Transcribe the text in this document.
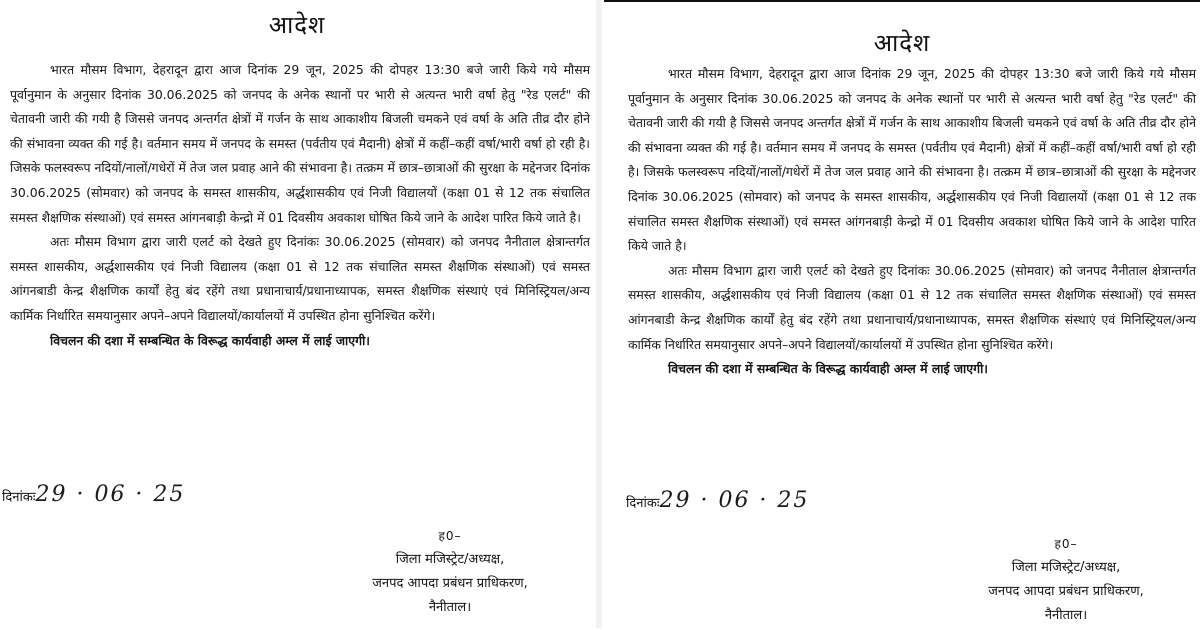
आदेश

भारत मौसम विभाग, देहरादून द्वारा आज दिनांक 29 जून, 2025 की दोपहर 13:30 बजे जारी किये गये मौसम पूर्वानुमान के अनुसार दिनांक 30.06.2025 को जनपद के अनेक स्थानों पर भारी से अत्यन्त भारी वर्षा हेतु "रेड एलर्ट" की चेतावनी जारी की गयी है जिससे जनपद अन्तर्गत क्षेत्रों में गर्जन के साथ आकाशीय बिजली चमकने एवं वर्षा के अति तीव्र दौर होने की संभावना व्यक्त की गई है। वर्तमान समय में जनपद के समस्त (पर्वतीय एवं मैदानी) क्षेत्रों में कहीं–कहीं वर्षा/भारी वर्षा हो रही है। जिसके फलस्वरूप नदियों/नालों/गधेरों में तेज जल प्रवाह आने की संभावना है। तत्क्रम में छात्र–छात्राओं की सुरक्षा के मद्देनजर दिनांक 30.06.2025 (सोमवार) को जनपद के समस्त शासकीय, अर्द्धशासकीय एवं निजी विद्यालयों (कक्षा 01 से 12 तक संचालित समस्त शैक्षणिक संस्थाओं) एवं समस्त आंगनबाड़ी केन्द्रो में 01 दिवसीय अवकाश घोषित किये जाने के आदेश पारित किये जाते है।

अतः मौसम विभाग द्वारा जारी एलर्ट को देखते हुए दिनांकः 30.06.2025 (सोमवार) को जनपद नैनीताल क्षेत्रान्तर्गत समस्त शासकीय, अर्द्धशासकीय एवं निजी विद्यालय (कक्षा 01 से 12 तक संचालित समस्त शैक्षणिक संस्थाओं) एवं समस्त आंगनबाडी केन्द्र शैक्षणिक कार्यों हेतु बंद रहेंगे तथा प्रधानाचार्य/प्रधानाध्यापक, समस्त शैक्षणिक संस्थाएं एवं मिनिस्ट्रियल/अन्य कार्मिक निर्धारित समयानुसार अपने–अपने विद्यालयों/कार्यालयों में उपस्थित होना सुनिश्चित करेंगे।

विचलन की दशा में सम्बन्धित के विरूद्ध कार्यवाही अम्ल में लाई जाएगी।

दिनांकः29 · 06 · 25
ह0–
जिला मजिस्ट्रेट/अध्यक्ष,
जनपद आपदा प्रबंधन प्राधिकरण,
नैनीताल।
आदेश

भारत मौसम विभाग, देहरादून द्वारा आज दिनांक 29 जून, 2025 की दोपहर 13:30 बजे जारी किये गये मौसम पूर्वानुमान के अनुसार दिनांक 30.06.2025 को जनपद के अनेक स्थानों पर भारी से अत्यन्त भारी वर्षा हेतु "रेड एलर्ट" की चेतावनी जारी की गयी है जिससे जनपद अन्तर्गत क्षेत्रों में गर्जन के साथ आकाशीय बिजली चमकने एवं वर्षा के अति तीव्र दौर होने की संभावना व्यक्त की गई है। वर्तमान समय में जनपद के समस्त (पर्वतीय एवं मैदानी) क्षेत्रों में कहीं–कहीं वर्षा/भारी वर्षा हो रही है। जिसके फलस्वरूप नदियों/नालों/गधेरों में तेज जल प्रवाह आने की संभावना है। तत्क्रम में छात्र–छात्राओं की सुरक्षा के मद्देनजर दिनांक 30.06.2025 (सोमवार) को जनपद के समस्त शासकीय, अर्द्धशासकीय एवं निजी विद्यालयों (कक्षा 01 से 12 तक संचालित समस्त शैक्षणिक संस्थाओं) एवं समस्त आंगनबाड़ी केन्द्रो में 01 दिवसीय अवकाश घोषित किये जाने के आदेश पारित किये जाते है।

अतः मौसम विभाग द्वारा जारी एलर्ट को देखते हुए दिनांकः 30.06.2025 (सोमवार) को जनपद नैनीताल क्षेत्रान्तर्गत समस्त शासकीय, अर्द्धशासकीय एवं निजी विद्यालय (कक्षा 01 से 12 तक संचालित समस्त शैक्षणिक संस्थाओं) एवं समस्त आंगनबाडी केन्द्र शैक्षणिक कार्यों हेतु बंद रहेंगे तथा प्रधानाचार्य/प्रधानाध्यापक, समस्त शैक्षणिक संस्थाएं एवं मिनिस्ट्रियल/अन्य कार्मिक निर्धारित समयानुसार अपने–अपने विद्यालयों/कार्यालयों में उपस्थित होना सुनिश्चित करेंगे।

विचलन की दशा में सम्बन्धित के विरूद्ध कार्यवाही अम्ल में लाई जाएगी।

दिनांकः29 · 06 · 25
ह0–
जिला मजिस्ट्रेट/अध्यक्ष,
जनपद आपदा प्रबंधन प्राधिकरण,
नैनीताल।
